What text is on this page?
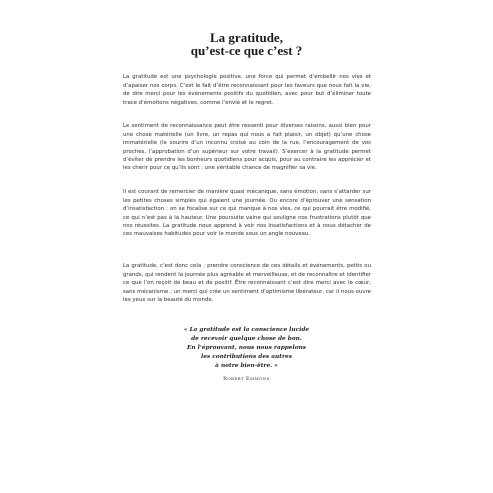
La gratitude,
qu’est-ce que c’est ?

La gratitude est une psychologie positive, une force qui permet d’embellir nos vies et d’apaiser nos corps. C’est le fait d’être reconnaissant pour les faveurs que nous fait la vie, de dire merci pour les événements positifs du quotidien, avec pour but d’éliminer toute trace d’émotions négatives, comme l’envie et le regret.

Le sentiment de reconnaissance peut être ressenti pour diverses raisons, aussi bien pour une chose matérielle (un livre, un repas qui nous a fait plaisir, un objet) qu’une chose immatérielle (le sourire d’un inconnu croisé au coin de la rue, l’encouragement de vos proches, l’approbation d’un supérieur sur votre travail). S’exercer à la gratitude permet d’éviter de prendre les bonheurs quotidiens pour acquis, pour au contraire les apprécier et les chérir pour ce qu’ils sont : une véritable chance de magnifier sa vie.

Il est courant de remercier de manière quasi mécanique, sans émotion, sans s’attarder sur les petites choses simples qui égaient une journée. Ou encore d’éprouver une sensation d’insatisfaction : on se focalise sur ce qui manque à nos vies, ce qui pourrait être modifié, ce qui n’est pas à la hauteur. Une poursuite vaine qui souligne nos frustrations plutôt que nos réussites. La gratitude nous apprend à voir nos insatisfactions et à nous détacher de ces mauvaises habitudes pour voir le monde sous un angle nouveau.

La gratitude, c’est donc cela : prendre conscience de ces détails et événements, petits ou grands, qui rendent la journée plus agréable et merveilleuse, et de reconnaître et identifier ce que l’on reçoit de beau et de positif. Être reconnaissant c’est dire merci avec le cœur, sans mécanisme ; un merci qui crée un sentiment d’optimisme libérateur, car il nous ouvre les yeux sur la beauté du monde.

« La gratitude est la conscience lucide
de recevoir quelque chose de bon.
En l’éprouvant, nous nous rappelons
les contributions des autres
à notre bien-être. »
Robert Emmons
